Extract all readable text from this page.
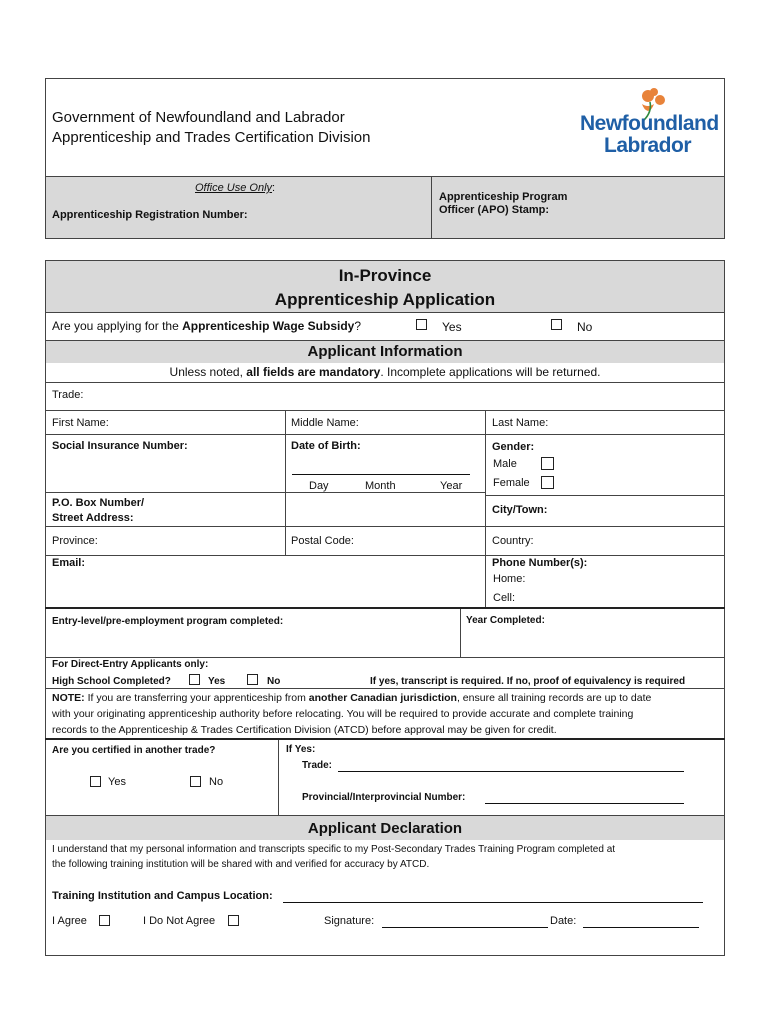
Government of Newfoundland and Labrador
Apprenticeship and Trades Certification Division
Newfoundland
Labrador
Office Use Only:
Apprenticeship Registration Number:
Apprenticeship Program
Officer (APO) Stamp:
In-Province
Apprenticeship Application
Are you applying for the Apprenticeship Wage Subsidy?	Yes	No
Applicant Information
Unless noted, all fields are mandatory. Incomplete applications will be returned.
Trade:
First Name:	Middle Name:	Last Name:
Social Insurance Number:	Date of Birth:
Day	Month	Year
Gender:
Male
Female
P.O. Box Number/
Street Address:
City/Town:
Province:	Postal Code:	Country:
Email:	Phone Number(s):
Home:
Cell:
Entry-level/pre-employment program completed:	Year Completed:
For Direct-Entry Applicants only:
High School Completed?	Yes	No	If yes, transcript is required. If no, proof of equivalency is required
NOTE: If you are transferring your apprenticeship from another Canadian jurisdiction, ensure all training records are up to date
with your originating apprenticeship authority before relocating. You will be required to provide accurate and complete training
records to the Apprenticeship & Trades Certification Division (ATCD) before approval may be given for credit.
Are you certified in another trade?
Yes	No
If Yes:
Trade:
Provincial/Interprovincial Number:
Applicant Declaration
I understand that my personal information and transcripts specific to my Post-Secondary Trades Training Program completed at
the following training institution will be shared with and verified for accuracy by ATCD.
Training Institution and Campus Location:
I Agree	I Do Not Agree	Signature:	Date:
